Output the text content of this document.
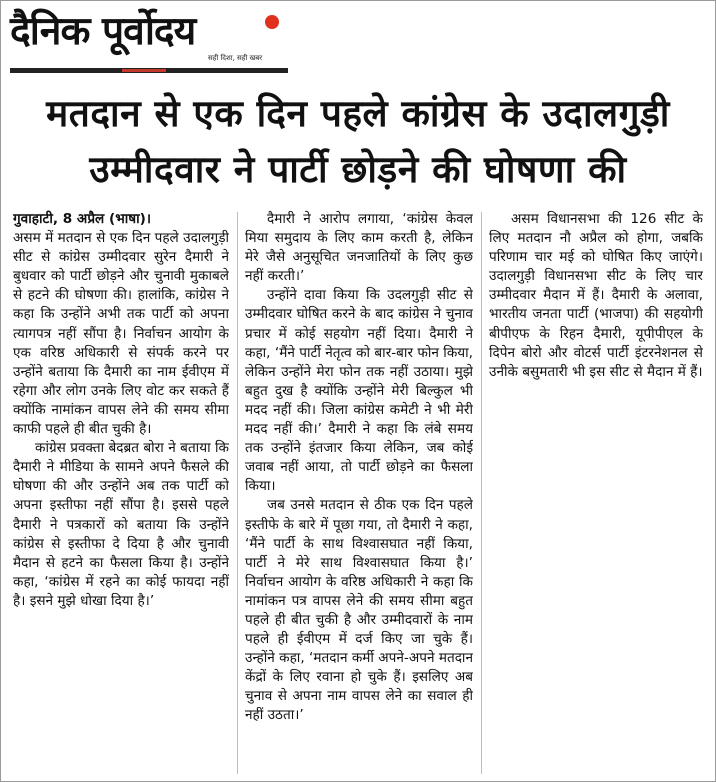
दैनिक पूर्वोदय
सही दिशा, सही खबर
मतदान से एक दिन पहले कांग्रेस के उदालगुड़ी
उम्मीदवार ने पार्टी छोड़ने की घोषणा की

गुवाहाटी, 8 अप्रैल (भाषा)।

असम में मतदान से एक दिन पहले उदालगुड़ी सीट से कांग्रेस उम्मीदवार सुरेन दैमारी ने बुधवार को पार्टी छोड़ने और चुनावी मुकाबले से हटने की घोषणा की। हालांकि, कांग्रेस ने कहा कि उन्होंने अभी तक पार्टी को अपना त्यागपत्र नहीं सौंपा है। निर्वाचन आयोग के एक वरिष्ठ अधिकारी से संपर्क करने पर उन्होंने बताया कि दैमारी का नाम ईवीएम में रहेगा और लोग उनके लिए वोट कर सकते हैं क्योंकि नामांकन वापस लेने की समय सीमा काफी पहले ही बीत चुकी है।

कांग्रेस प्रवक्ता बेदब्रत बोरा ने बताया कि दैमारी ने मीडिया के सामने अपने फैसले की घोषणा की और उन्होंने अब तक पार्टी को अपना इस्तीफा नहीं सौंपा है। इससे पहले दैमारी ने पत्रकारों को बताया कि उन्होंने कांग्रेस से इस्तीफा दे दिया है और चुनावी मैदान से हटने का फैसला किया है। उन्होंने कहा, ‘कांग्रेस में रहने का कोई फायदा नहीं है। इसने मुझे धोखा दिया है।’

दैमारी ने आरोप लगाया, ‘कांग्रेस केवल मिया समुदाय के लिए काम करती है, लेकिन मेरे जैसे अनुसूचित जनजातियों के लिए कुछ नहीं करती।’

उन्होंने दावा किया कि उदलगुड़ी सीट से उम्मीदवार घोषित करने के बाद कांग्रेस ने चुनाव प्रचार में कोई सहयोग नहीं दिया। दैमारी ने कहा, ‘मैंने पार्टी नेतृत्व को बार-बार फोन किया, लेकिन उन्होंने मेरा फोन तक नहीं उठाया। मुझे बहुत दुख है क्योंकि उन्होंने मेरी बिल्कुल भी मदद नहीं की। जिला कांग्रेस कमेटी ने भी मेरी मदद नहीं की।’ दैमारी ने कहा कि लंबे समय तक उन्होंने इंतजार किया लेकिन, जब कोई जवाब नहीं आया, तो पार्टी छोड़ने का फैसला किया।

जब उनसे मतदान से ठीक एक दिन पहले इस्तीफे के बारे में पूछा गया, तो दैमारी ने कहा, ‘मैंने पार्टी के साथ विश्वासघात नहीं किया, पार्टी ने मेरे साथ विश्वासघात किया है।’ निर्वाचन आयोग के वरिष्ठ अधिकारी ने कहा कि नामांकन पत्र वापस लेने की समय सीमा बहुत पहले ही बीत चुकी है और उम्मीदवारों के नाम पहले ही ईवीएम में दर्ज किए जा चुके हैं। उन्होंने कहा, ‘मतदान कर्मी अपने-अपने मतदान केंद्रों के लिए रवाना हो चुके हैं। इसलिए अब चुनाव से अपना नाम वापस लेने का सवाल ही नहीं उठता।’

असम विधानसभा की 126 सीट के लिए मतदान नौ अप्रैल को होगा, जबकि परिणाम चार मई को घोषित किए जाएंगे। उदालगुड़ी विधानसभा सीट के लिए चार उम्मीदवार मैदान में हैं। दैमारी के अलावा, भारतीय जनता पार्टी (भाजपा) की सहयोगी बीपीएफ के रिहन दैमारी, यूपीपीएल के दिपेन बोरो और वोटर्स पार्टी इंटरनेशनल से उनीके बसुमतारी भी इस सीट से मैदान में हैं।
